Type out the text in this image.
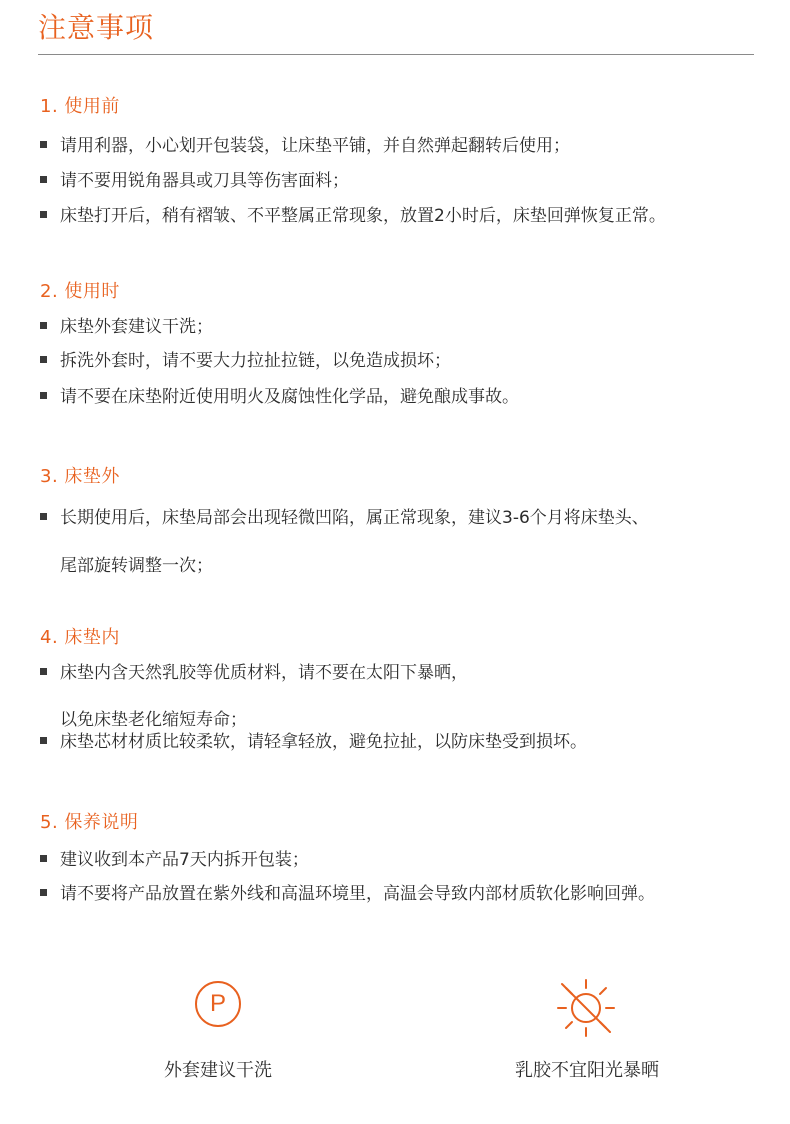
注意事项
1. 使用前
请用利器，小心划开包装袋，让床垫平铺，并自然弹起翻转后使用；
请不要用锐角器具或刀具等伤害面料；
床垫打开后，稍有褶皱、不平整属正常现象，放置2小时后，床垫回弹恢复正常。
2. 使用时
床垫外套建议干洗；
拆洗外套时，请不要大力拉扯拉链，以免造成损坏；
请不要在床垫附近使用明火及腐蚀性化学品，避免酿成事故。
3. 床垫外
长期使用后，床垫局部会出现轻微凹陷，属正常现象，建议3-6个月将床垫头、
尾部旋转调整一次；
4. 床垫内
床垫内含天然乳胶等优质材料，请不要在太阳下暴晒，
以免床垫老化缩短寿命；
床垫芯材材质比较柔软，请轻拿轻放，避免拉扯，以防床垫受到损坏。
5. 保养说明
建议收到本产品7天内拆开包装；
请不要将产品放置在紫外线和高温环境里，高温会导致内部材质软化影响回弹。
P
外套建议干洗	乳胶不宜阳光暴晒
